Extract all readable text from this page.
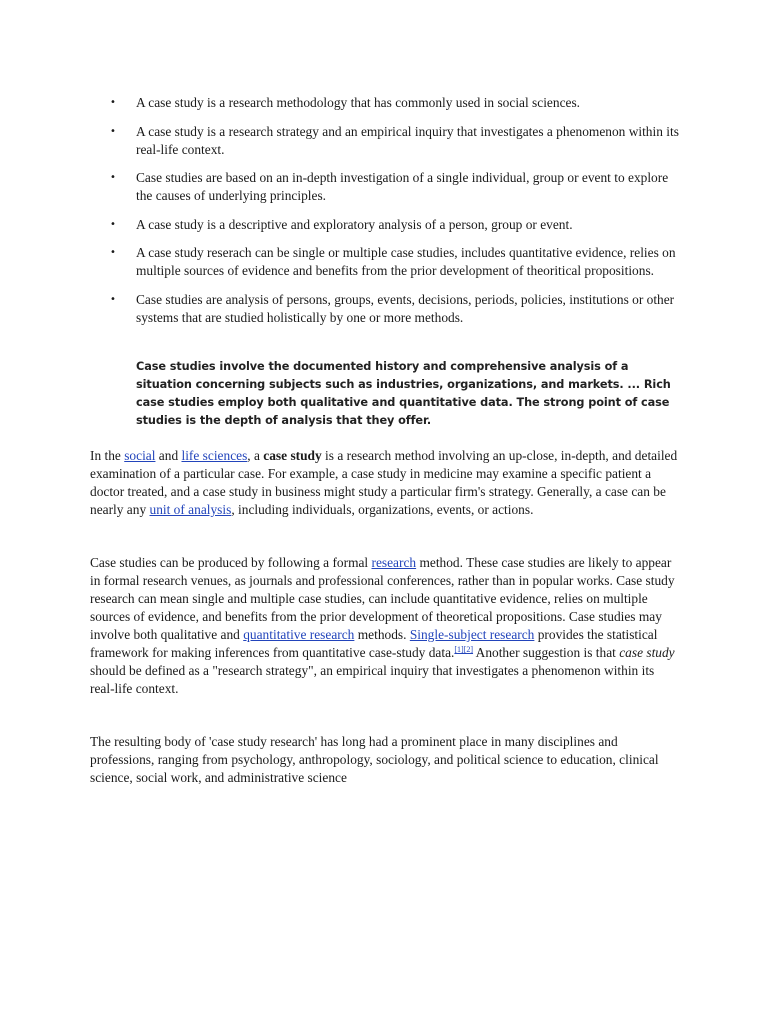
• A case study is a research methodology that has commonly used in social sciences.
• A case study is a research strategy and an empirical inquiry that investigates a phenomenon within its real-life context.
• Case studies are based on an in-depth investigation of a single individual, group or event to explore the causes of underlying principles.
• A case study is a descriptive and exploratory analysis of a person, group or event.
• A case study reserach can be single or multiple case studies, includes quantitative evidence, relies on multiple sources of evidence and benefits from the prior development of theoritical propositions.
• Case studies are analysis of persons, groups, events, decisions, periods, policies, institutions or other systems that are studied holistically by one or more methods.
Case studies involve the documented history and comprehensive analysis of a situation concerning subjects such as industries, organizations, and markets. ... Rich case studies employ both qualitative and quantitative data. The strong point of case studies is the depth of analysis that they offer.

In the social and life sciences, a case study is a research method involving an up-close, in-depth, and detailed examination of a particular case. For example, a case study in medicine may examine a specific patient a doctor treated, and a case study in business might study a particular firm's strategy. Generally, a case can be nearly any unit of analysis, including individuals, organizations, events, or actions.

Case studies can be produced by following a formal research method. These case studies are likely to appear in formal research venues, as journals and professional conferences, rather than in popular works. Case study research can mean single and multiple case studies, can include quantitative evidence, relies on multiple sources of evidence, and benefits from the prior development of theoretical propositions. Case studies may involve both qualitative and quantitative research methods. Single-subject research provides the statistical framework for making inferences from quantitative case-study data.[1][2] Another suggestion is that case study should be defined as a "research strategy", an empirical inquiry that investigates a phenomenon within its real-life context.

The resulting body of 'case study research' has long had a prominent place in many disciplines and professions, ranging from psychology, anthropology, sociology, and political science to education, clinical science, social work, and administrative science
